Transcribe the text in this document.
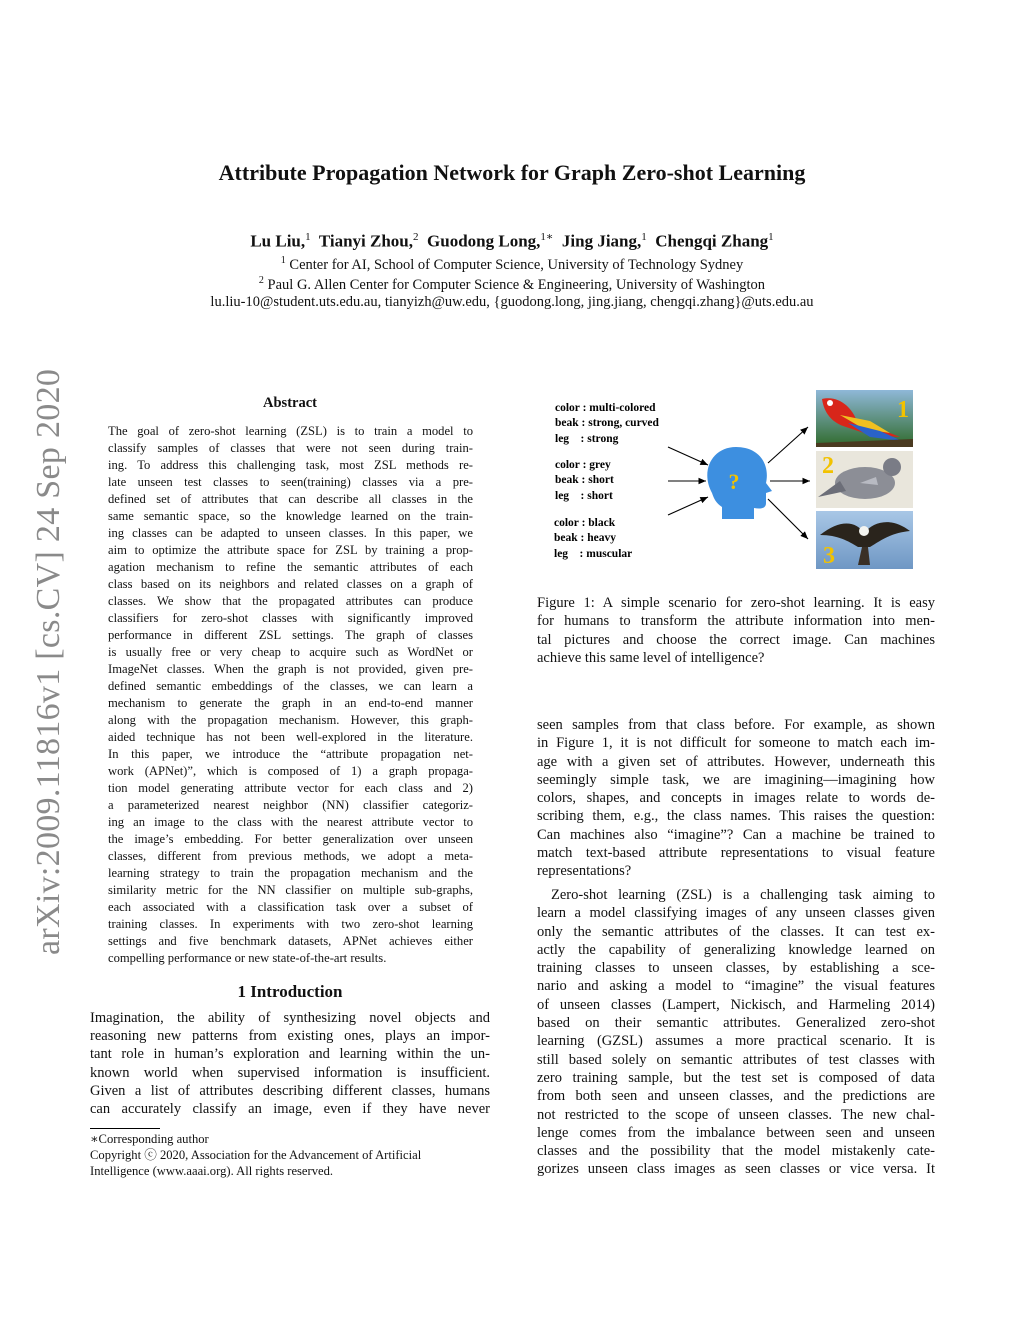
Attribute Propagation Network for Graph Zero-shot Learning
Lu Liu,$^1$ Tianyi Zhou,$^2$ Guodong Long,$^{1∗}$ Jing Jiang,$^1$ Chengqi Zhang$^1$
$^1$ Center for AI, School of Computer Science, University of Technology Sydney
$^2$ Paul G. Allen Center for Computer Science & Engineering, University of Washington
lu.liu-10@student.uts.edu.au, tianyizh@uw.edu, {guodong.long, jing.jiang, chengqi.zhang}@uts.edu.au
arXiv:2009.11816v1 [cs.CV] 24 Sep 2020	Abstract
The goal of zero-shot learning (ZSL) is to train a model to
classify samples of classes that were not seen during train-
ing. To address this challenging task, most ZSL methods re-
late unseen test classes to seen(training) classes via a pre-
defined set of attributes that can describe all classes in the
same semantic space, so the knowledge learned on the train-
ing classes can be adapted to unseen classes. In this paper, we
aim to optimize the attribute space for ZSL by training a prop-
agation mechanism to refine the semantic attributes of each
class based on its neighbors and related classes on a graph of
classes. We show that the propagated attributes can produce
classifiers for zero-shot classes with significantly improved
performance in different ZSL settings. The graph of classes
is usually free or very cheap to acquire such as WordNet or
ImageNet classes. When the graph is not provided, given pre-
defined semantic embeddings of the classes, we can learn a
mechanism to generate the graph in an end-to-end manner
along with the propagation mechanism. However, this graph-
aided technique has not been well-explored in the literature.
In this paper, we introduce the “attribute propagation net-
work (APNet)”, which is composed of 1) a graph propaga-
tion model generating attribute vector for each class and 2)
a parameterized nearest neighbor (NN) classifier categoriz-
ing an image to the class with the nearest attribute vector to
the image’s embedding. For better generalization over unseen
classes, different from previous methods, we adopt a meta-
learning strategy to train the propagation mechanism and the
similarity metric for the NN classifier on multiple sub-graphs,
each associated with a classification task over a subset of
training classes. In experiments with two zero-shot learning
settings and five benchmark datasets, APNet achieves either
compelling performance or new state-of-the-art results.
1 Introduction
Imagination, the ability of synthesizing novel objects and
reasoning new patterns from existing ones, plays an impor-
tant role in human’s exploration and learning within the un-
known world when supervised information is insufficient.
Given a list of attributes describing different classes, humans
can accurately classify an image, even if they have never
∗Corresponding author
Copyright ⓒ 2020, Association for the Advancement of Artificial
Intelligence (www.aaai.org). All rights reserved.
color : multi-colored
beak : strong, curved
leg    : strong
color : grey
beak : short
leg    : short
color : black
beak : heavy
leg    : muscular
?
1
2
3
Figure 1: A simple scenario for zero-shot learning. It is easy
for humans to transform the attribute information into men-
tal pictures and choose the correct image. Can machines
achieve this same level of intelligence?
seen samples from that class before. For example, as shown
in Figure 1, it is not difficult for someone to match each im-
age with a given set of attributes. However, underneath this
seemingly simple task, we are imagining—imagining how
colors, shapes, and concepts in images relate to words de-
scribing them, e.g., the class names. This raises the question:
Can machines also “imagine”? Can a machine be trained to
match text-based attribute representations to visual feature
representations?
Zero-shot learning (ZSL) is a challenging task aiming to
learn a model classifying images of any unseen classes given
only the semantic attributes of the classes. It can test ex-
actly the capability of generalizing knowledge learned on
training classes to unseen classes, by establishing a sce-
nario and asking a model to “imagine” the visual features
of unseen classes (Lampert, Nickisch, and Harmeling 2014)
based on their semantic attributes. Generalized zero-shot
learning (GZSL) assumes a more practical scenario. It is
still based solely on semantic attributes of test classes with
zero training sample, but the test set is composed of data
from both seen and unseen classes, and the predictions are
not restricted to the scope of unseen classes. The new chal-
lenge comes from the imbalance between seen and unseen
classes and the possibility that the model mistakenly cate-
gorizes unseen class images as seen classes or vice versa. It
